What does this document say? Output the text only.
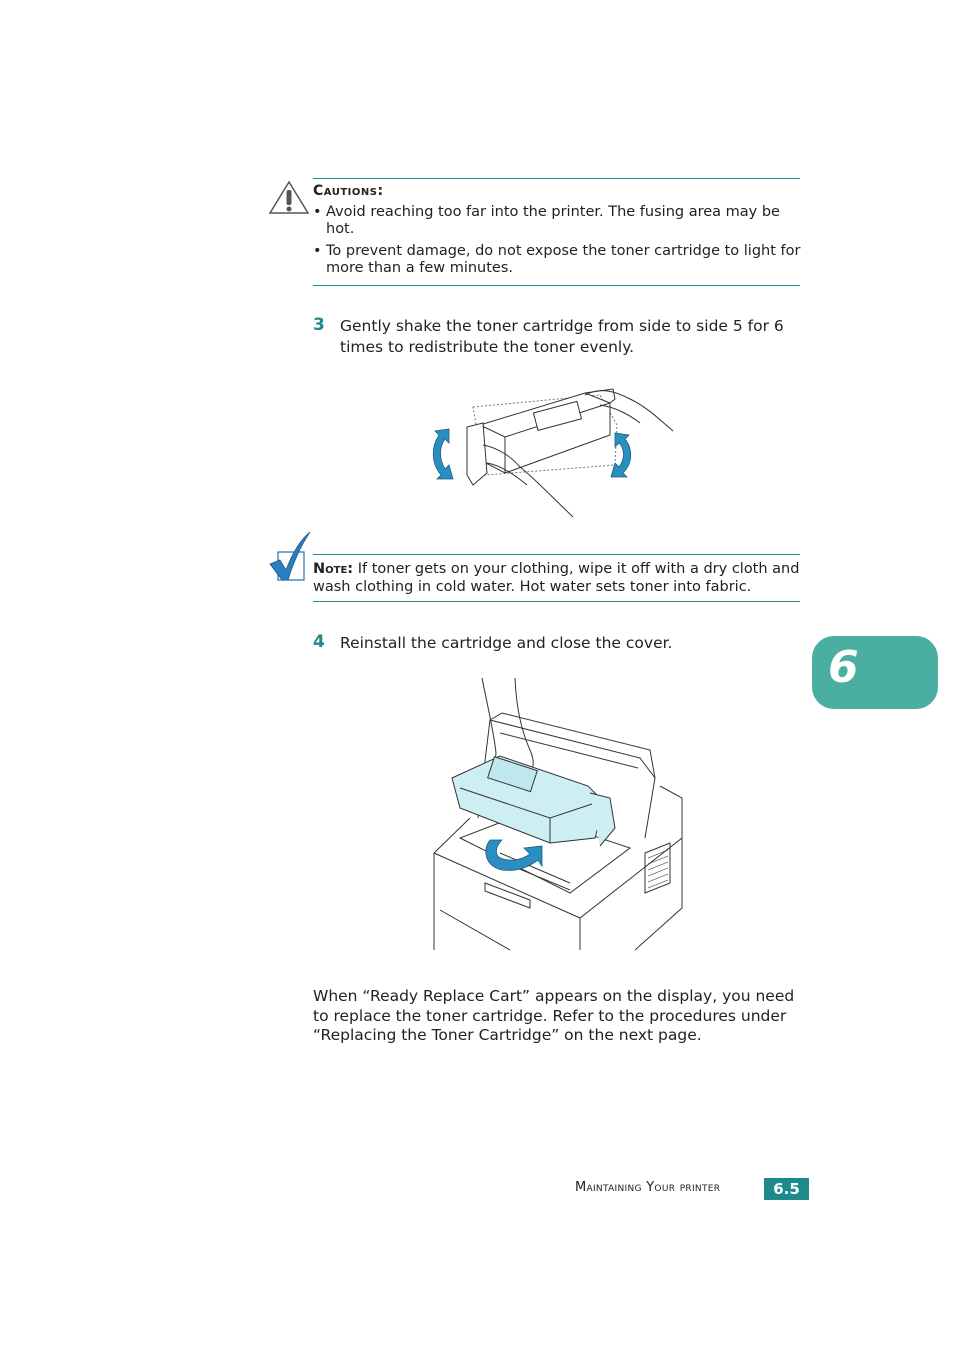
Cautions:
• Avoid reaching too far into the printer. The fusing area may be hot.
• To prevent damage, do not expose the toner cartridge to light for more than a few minutes.
3 Gently shake the toner cartridge from side to side 5 for 6 times to redistribute the toner evenly.
Note: If toner gets on your clothing, wipe it off with a dry cloth and wash clothing in cold water. Hot water sets toner into fabric.
4 Reinstall the cartridge and close the cover.
When “Ready Replace Cart” appears on the display, you need to replace the toner cartridge. Refer to the procedures under “Replacing the Toner Cartridge” on the next page.
6
Maintaining Your printer	6.5
